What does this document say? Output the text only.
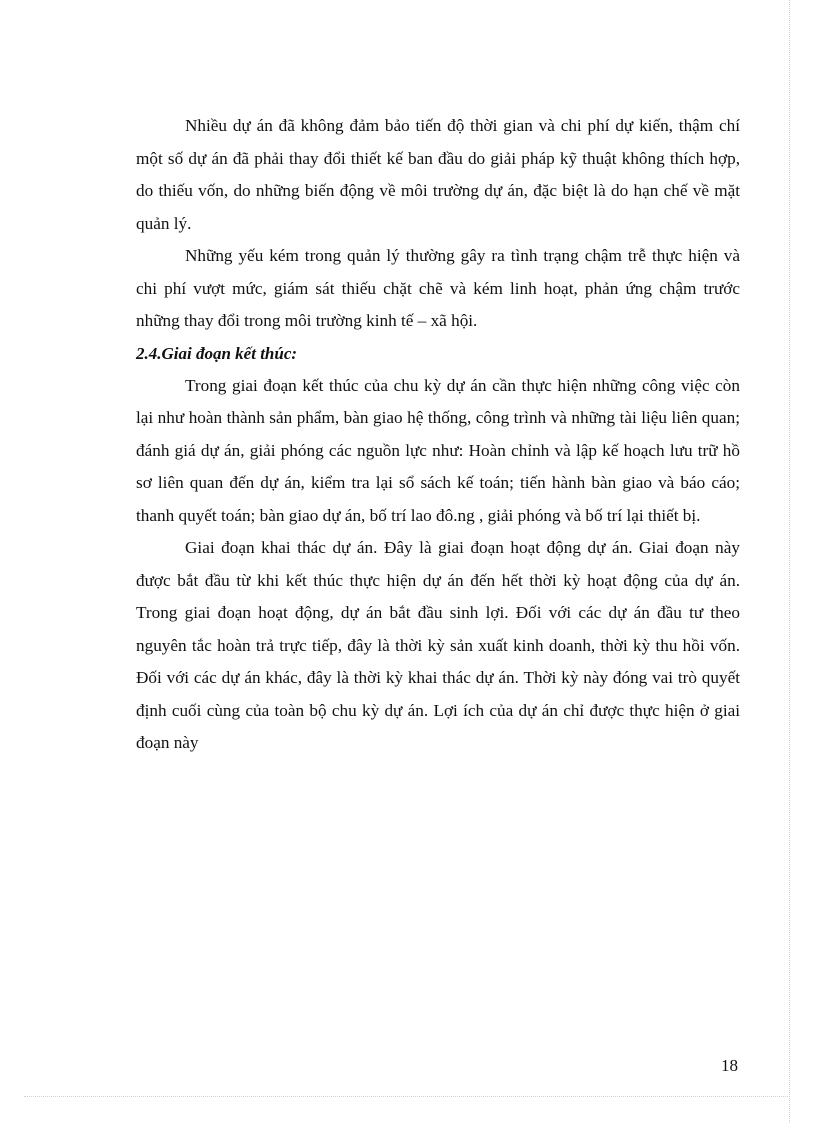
Nhiều dự án đã không đảm bảo tiến độ thời gian và chi phí dự kiến, thậm chí một số dự án đã phải thay đổi thiết kế ban đầu do giải pháp kỹ thuật không thích hợp, do thiếu vốn, do những biến động về môi trường dự án, đặc biệt là do hạn chế về mặt quản lý.

Những yếu kém trong quản lý thường gây ra tình trạng chậm trễ thực hiện và chi phí vượt mức, giám sát thiếu chặt chẽ và kém linh hoạt, phản ứng chậm trước những thay đổi trong môi trường kinh tế – xã hội.

2.4.Giai đoạn kết thúc:

Trong giai đoạn kết thúc của chu kỳ dự án cần thực hiện những công việc còn lại như hoàn thành sản phẩm, bàn giao hệ thống, công trình và những tài liệu liên quan; đánh giá dự án, giải phóng các nguồn lực như: Hoàn chỉnh và lập kế hoạch lưu trữ hồ sơ liên quan đến dự án, kiểm tra lại sổ sách kế toán; tiến hành bàn giao và báo cáo; thanh quyết toán; bàn giao dự án, bố trí lao đô.ng , giải phóng và bố trí lại thiết bị.

Giai đoạn khai thác dự án. Đây là giai đoạn hoạt động dự án. Giai đoạn này được bắt đầu từ khi kết thúc thực hiện dự án đến hết thời kỳ hoạt động của dự án. Trong giai đoạn hoạt động, dự án bắt đầu sinh lợi. Đối với các dự án đầu tư theo nguyên tắc hoàn trả trực tiếp, đây là thời kỳ sản xuất kinh doanh, thời kỳ thu hồi vốn. Đối với các dự án khác, đây là thời kỳ khai thác dự án. Thời kỳ này đóng vai trò quyết định cuối cùng của toàn bộ chu kỳ dự án. Lợi ích của dự án chỉ được thực hiện ở giai đoạn này

18
